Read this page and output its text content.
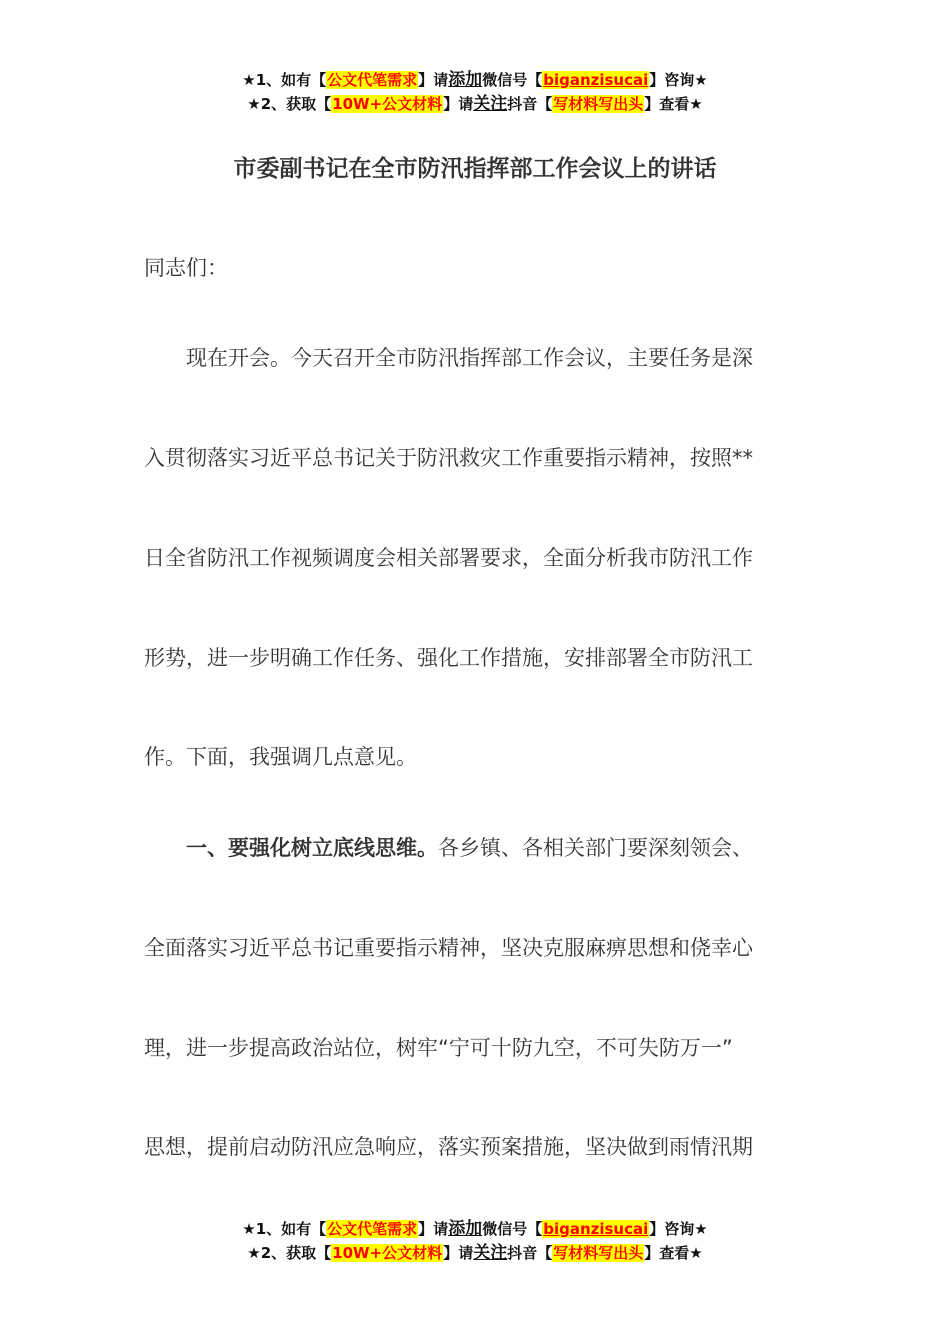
★1、如有【公文代笔需求】请添加微信号【biganzisucai】咨询★
★2、获取【10W+公文材料】请关注抖音【写材料写出头】查看★
市委副书记在全市防汛指挥部工作会议上的讲话
同志们：
　　现在开会。今天召开全市防汛指挥部工作会议，主要任务是深
入贯彻落实习近平总书记关于防汛救灾工作重要指示精神，按照**
日全省防汛工作视频调度会相关部署要求，全面分析我市防汛工作
形势，进一步明确工作任务、强化工作措施，安排部署全市防汛工
作。下面，我强调几点意见。
　　一、要强化树立底线思维。各乡镇、各相关部门要深刻领会、
全面落实习近平总书记重要指示精神，坚决克服麻痹思想和侥幸心
理，进一步提高政治站位，树牢“宁可十防九空，不可失防万一”
思想，提前启动防汛应急响应，落实预案措施，坚决做到雨情汛期
★1、如有【公文代笔需求】请添加微信号【biganzisucai】咨询★
★2、获取【10W+公文材料】请关注抖音【写材料写出头】查看★
